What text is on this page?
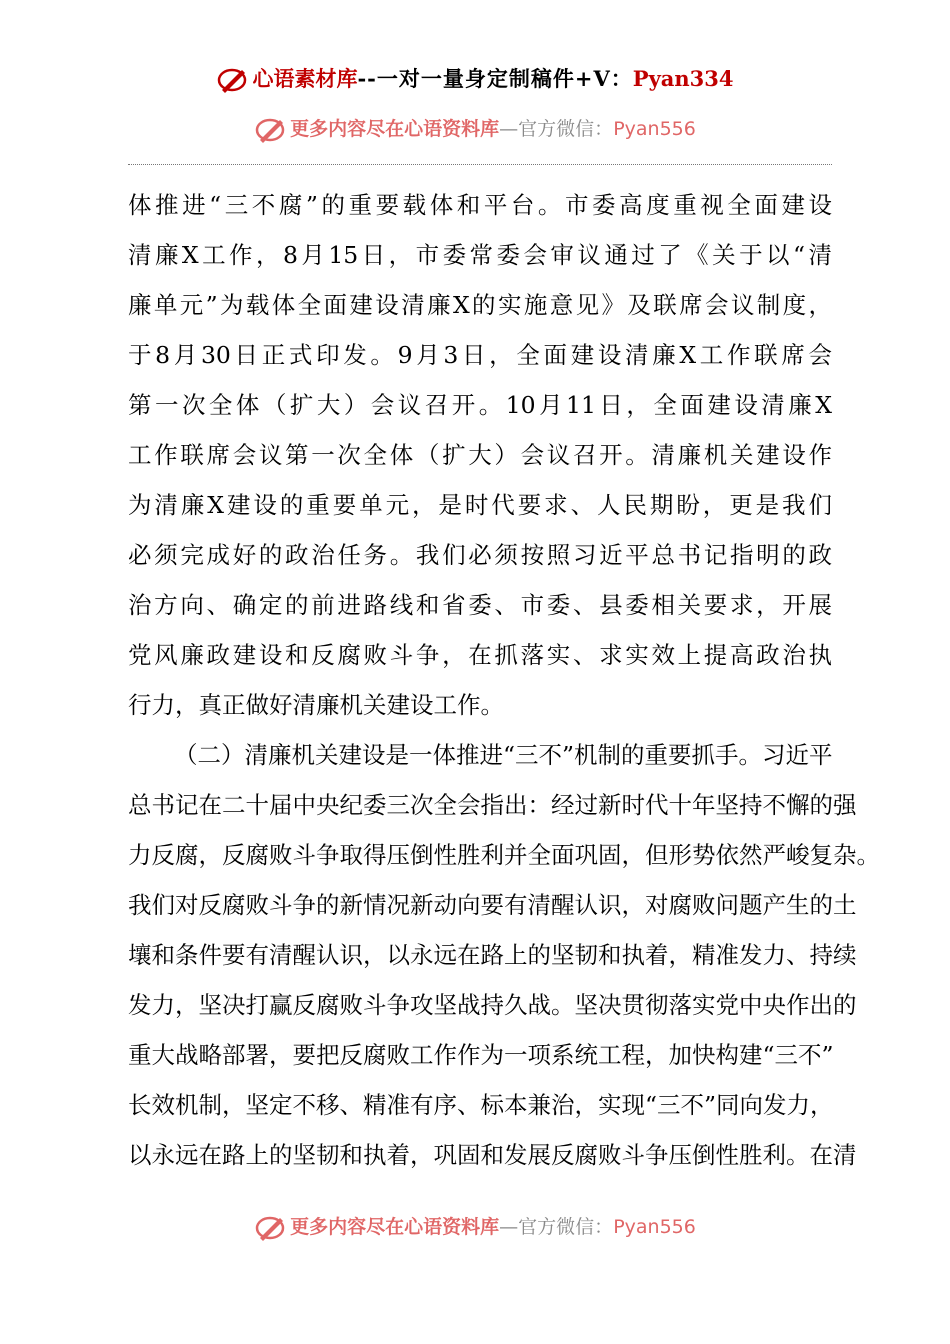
心语素材库 --一对一量身定制稿件+V： Pyan334
更多内容尽在心语资料库 —官方微信： Pyan556
体推进“三不腐”的重要载体和平台。市委高度重视全面建设
清廉X工作，8月15日，市委常委会审议通过了《关于以“清
廉单元”为载体全面建设清廉X的实施意见》及联席会议制度，
于8月30日正式印发。9月3日，全面建设清廉X工作联席会
第一次全体（扩大）会议召开。10月11日，全面建设清廉X
工作联席会议第一次全体（扩大）会议召开。清廉机关建设作
为清廉X建设的重要单元，是时代要求、人民期盼，更是我们
必须完成好的政治任务。我们必须按照习近平总书记指明的政
治方向、确定的前进路线和省委、市委、县委相关要求，开展
党风廉政建设和反腐败斗争，在抓落实、求实效上提高政治执
行力，真正做好清廉机关建设工作。
（二）清廉机关建设是一体推进“三不”机制的重要抓手。习近平
总书记在二十届中央纪委三次全会指出：经过新时代十年坚持不懈的强
力反腐，反腐败斗争取得压倒性胜利并全面巩固，但形势依然严峻复杂。
我们对反腐败斗争的新情况新动向要有清醒认识，对腐败问题产生的土
壤和条件要有清醒认识，以永远在路上的坚韧和执着，精准发力、持续
发力，坚决打赢反腐败斗争攻坚战持久战。坚决贯彻落实党中央作出的
重大战略部署，要把反腐败工作作为一项系统工程，加快构建“三不”
长效机制，坚定不移、精准有序、标本兼治，实现“三不”同向发力，
以永远在路上的坚韧和执着，巩固和发展反腐败斗争压倒性胜利。在清
更多内容尽在心语资料库 —官方微信： Pyan556
